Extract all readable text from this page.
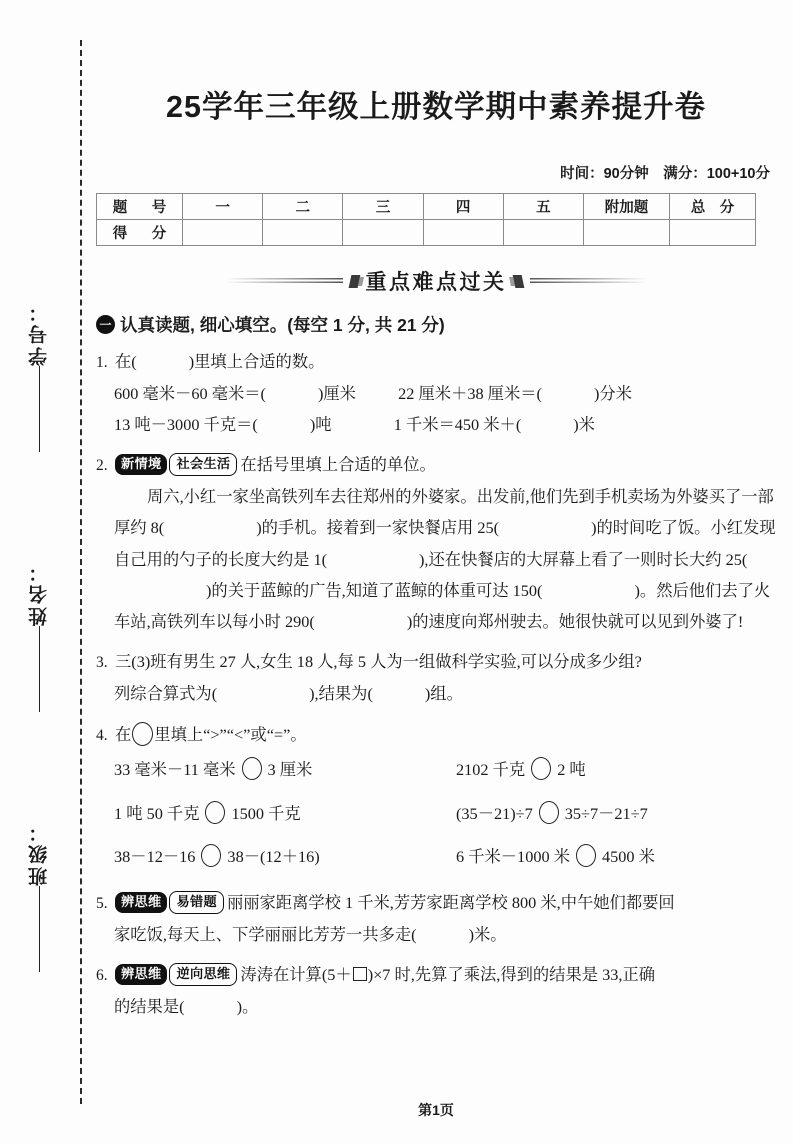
学号：
姓名：
班级：
25学年三年级上册数学期中素养提升卷
时间：90分钟　满分：100+10分
题　号	一	二	三	四	五	附加题	总　分
得　分							
重点难点过关
一 认真读题, 细心填空。(每空 1 分, 共 21 分)
1. 在(	)里填上合适的数。
600 毫米－60 毫米＝(	)厘米	22 厘米＋38 厘米＝(	)分米
13 吨－3000 千克＝(	)吨	1 千米＝450 米＋(	)米
2. 新情境 社会生活 在括号里填上合适的单位。
周六,小红一家坐高铁列车去往郑州的外婆家。出发前,他们先到手机卖场为外婆买了一部厚约 8(	)的手机。接着到一家快餐店用 25(	)的时间吃了饭。小红发现自己用的勺子的长度大约是 1(	),还在快餐店的大屏幕上看了一则时长大约 25()的关于蓝鲸的广告,知道了蓝鲸的体重可达 150(	)。然后他们去了火车站,高铁列车以每小时 290(	)的速度向郑州驶去。她很快就可以见到外婆了!
3. 三(3)班有男生 27 人,女生 18 人,每 5 人为一组做科学实验,可以分成多少组?
列综合算式为(	),结果为(	)组。
4. 在 里填上“>”“<”或“=”。
33 毫米－11 毫米 3 厘米	2102 千克 2 吨
1 吨 50 千克 1500 千克	(35－21)÷7 35÷7－21÷7
38－12－16 38－(12＋16)	6 千米－1000 米 4500 米
5. 辨思维 易错题 丽丽家距离学校 1 千米,芳芳家距离学校 800 米,中午她们都要回
家吃饭,每天上、下学丽丽比芳芳一共多走(	)米。
6. 辨思维 逆向思维 涛涛在计算(5＋ )×7 时,先算了乘法,得到的结果是 33,正确
的结果是(	)。
第1页
